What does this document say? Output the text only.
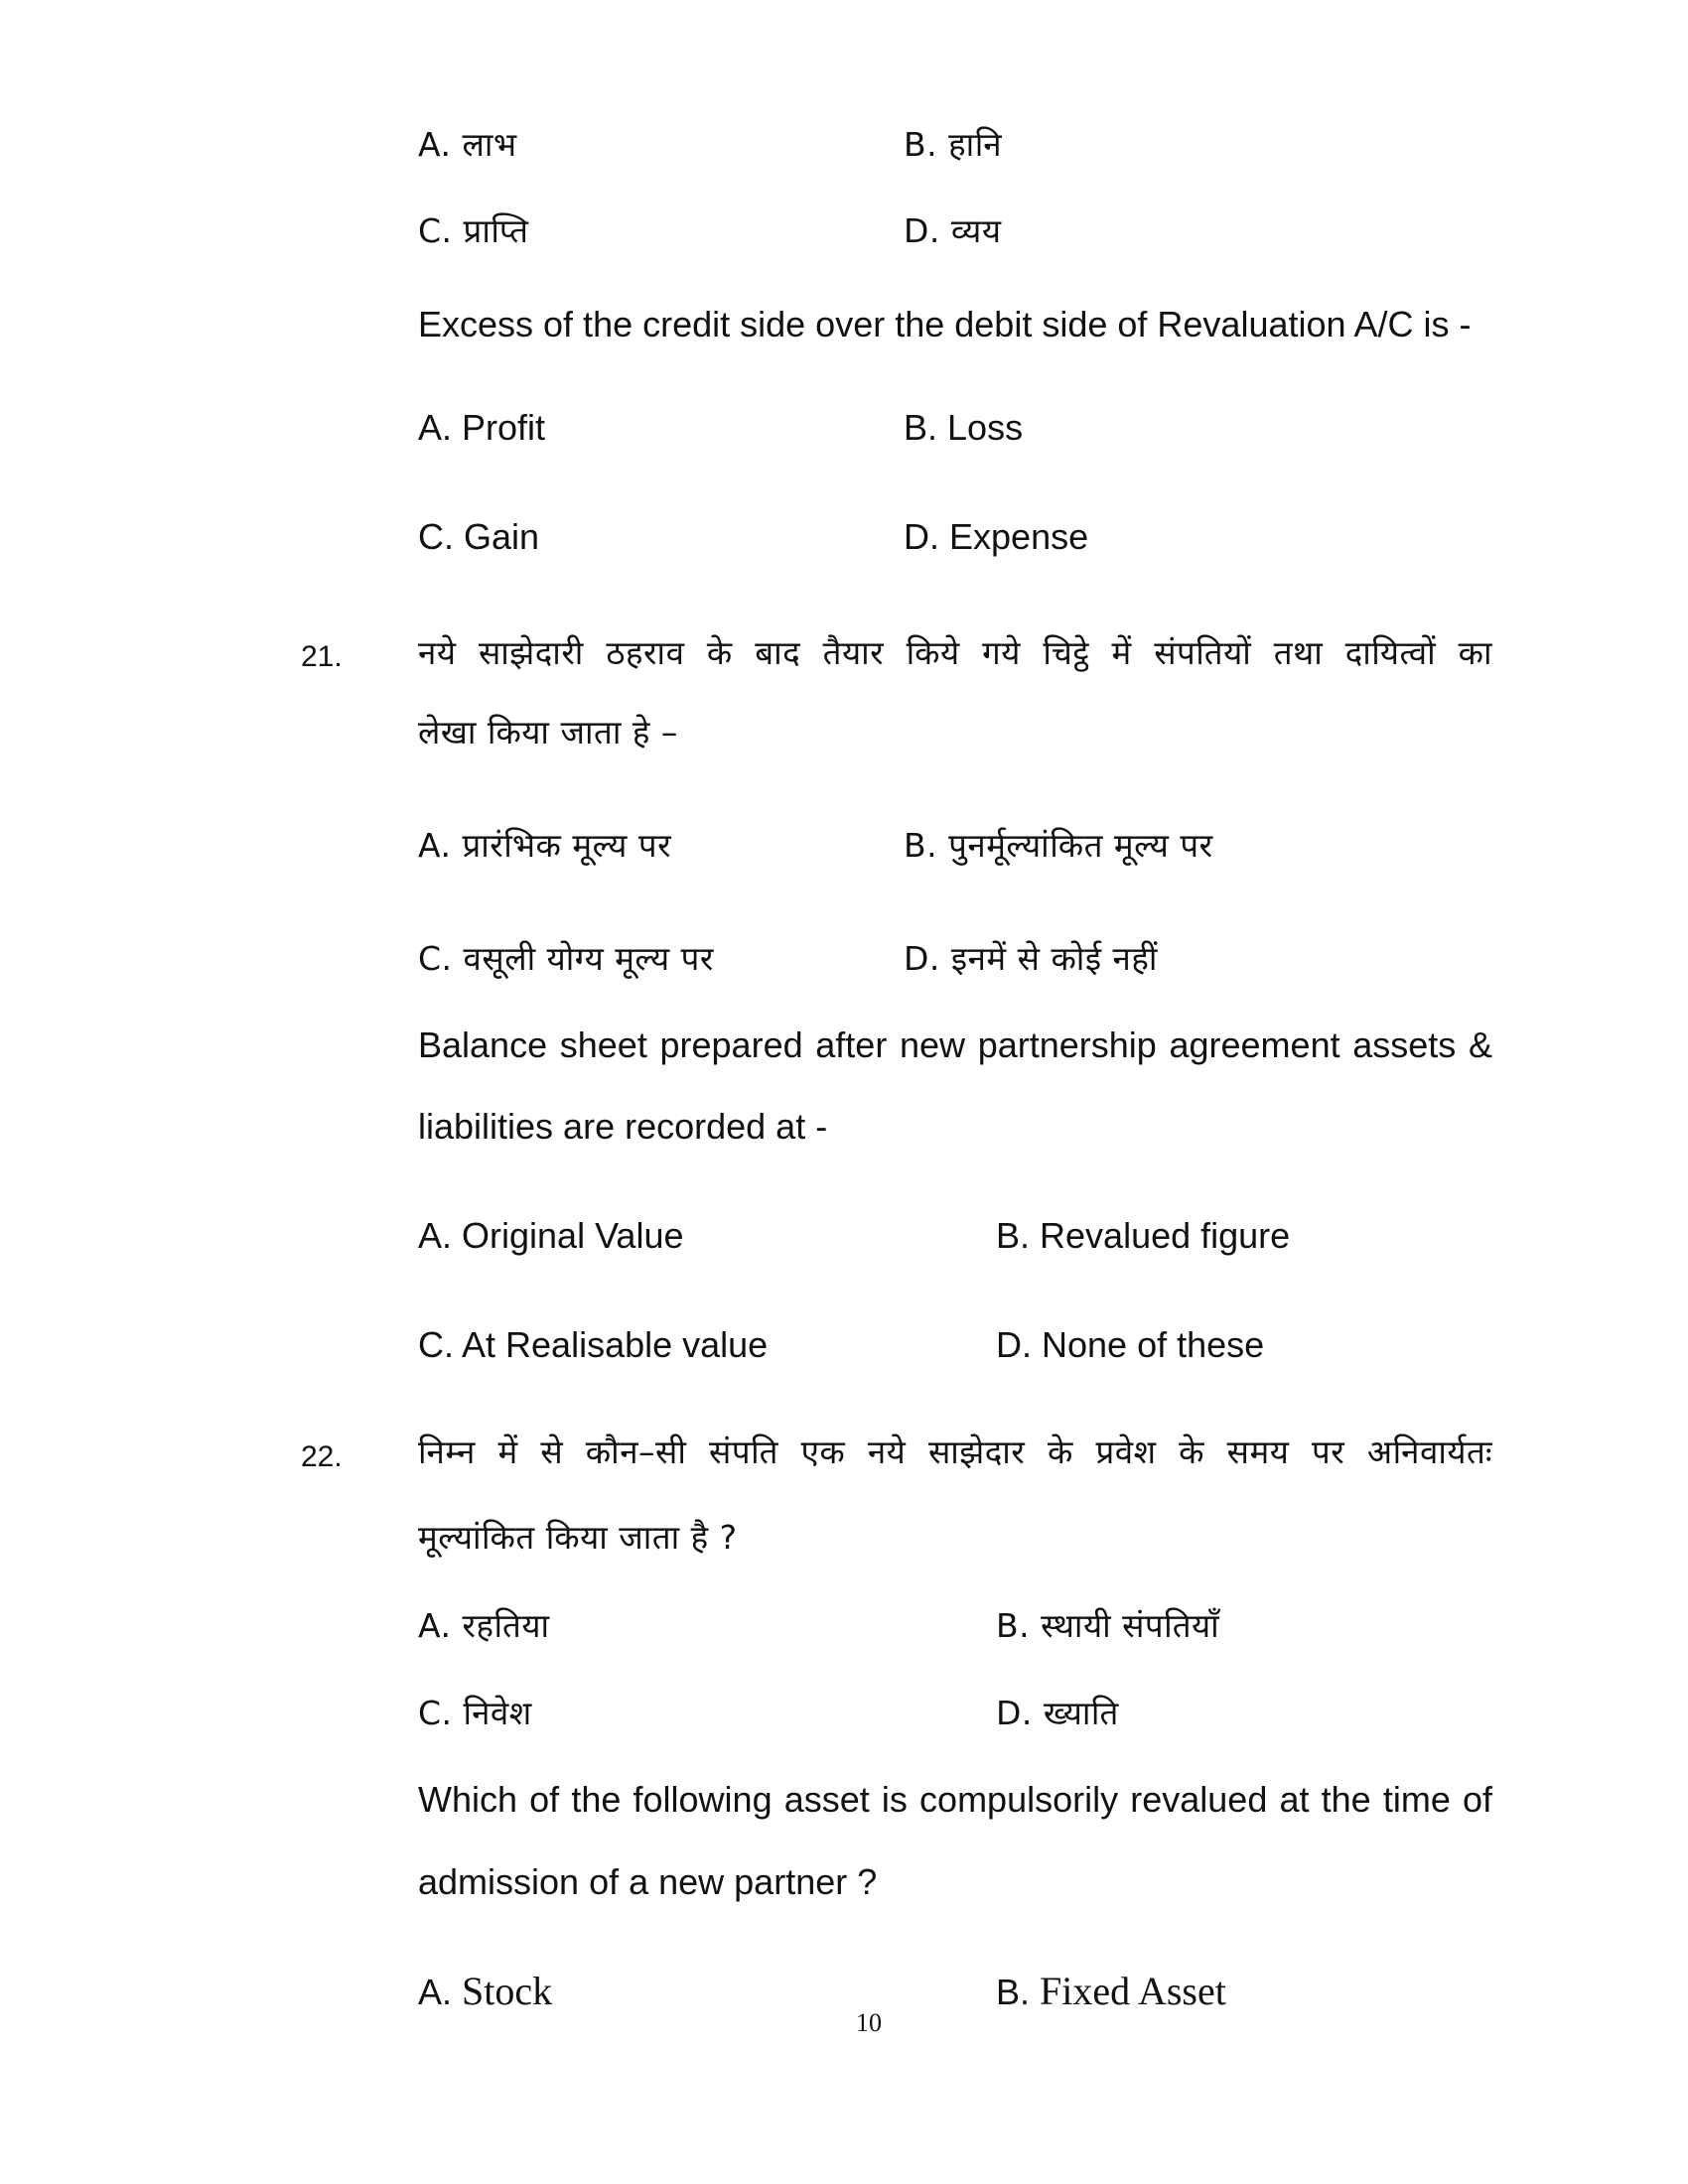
A. लाभ	B. हानि
C. प्राप्ति	D. व्यय
Excess of the credit side over the debit side of Revaluation A/C is -
A. Profit	B. Loss
C. Gain	D. Expense
21. नये साझेदारी ठहराव के बाद तैयार किये गये चिट्ठे में संपतियों तथा दायित्वों का
लेखा किया जाता हे –
A. प्रारंभिक मूल्य पर	B. पुनर्मूल्यांकित मूल्य पर
C. वसूली योग्य मूल्य पर	D. इनमें से कोई नहीं
Balance sheet prepared after new partnership agreement assets &
liabilities are recorded at -
A. Original Value	B. Revalued figure
C. At Realisable value	D. None of these
22. निम्न में से कौन–सी संपति एक नये साझेदार के प्रवेश के समय पर अनिवार्यतः
मूल्यांकित किया जाता है ?
A. रहतिया	B. स्थायी संपतियाँ
C. निवेश	D. ख्याति
Which of the following asset is compulsorily revalued at the time of
admission of a new partner ?
A. Stock	B. Fixed Asset
10
